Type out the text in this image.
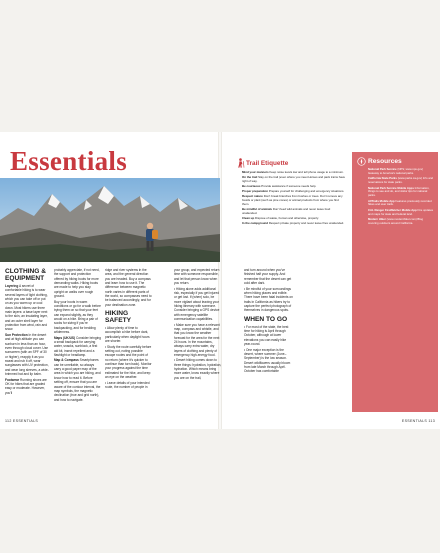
Essentials
CLOTHING & EQUIPMENT

Layering A secret of comfortable hiking is to wear several layers of light clothing, which you can take off or put on as you warm up or cool down. Most hikers use three main layers: a base layer next to the skin, an insulating layer, and an outer shell layer for protection from wind, rain and snow.

Sun Protection In the desert and at high altitude you can sunburn in less than an hour, even through cloud cover. Use sunscreen (with an SPF of 30 or higher), reapply it as you sweat and rub it off, wear sunglasses with UV protection, and wear long sleeves, a wide-brimmed hat and lip balm.

Footwear Running shoes are OK for hikes that are graded easy or moderate. However, you'll

probably appreciate, if not need, the support and protection offered by hiking boots for more demanding walks. Hiking boots are made to help you stay upright on walks over rough ground.

Buy your boots in warm conditions or go for a walk before trying them on so that your feet can expand slightly, as they would on a hike. Bring a pair of socks for sizing if you're backpacking, and for bedding wilderness.

Maps (UK/US) Consider bringing a small backpack for carrying water, snacks, sunblock, a first aid kit, insect repellent and a flashlight or headlamp.

Map & Compass Smartphones can be unreliable, so always carry a good paper map of the area in which you are hiking, and know how to read it. Before setting off, ensure that you are aware of the contour interval, the map symbols, the magnetic declination (true and grid north), and how to navigate.

ridge and river systems in the area, and the general direction you are headed. Buy a compass and learn how to use it. The difference between magnetic north varies in different parts of the world, so compasses need to be balanced accordingly, and for your destination zone.

HIKING SAFETY

• Allow plenty of time to accomplish a hike before dark, particularly when daylight hours are shorter.

• Study the route carefully before setting out, noting possible escape routes and the point of no return (where it's quicker to continue than turn back). Monitor your progress against the time estimated for the hike, and keep an eye on the weather.

• Leave details of your intended route, the number of people in

your group, and expected return time with someone responsible, and let that person know when you return.

• Hiking alone adds additional risk, especially if you get injured or get lost. If (when) solo, be more vigilant about leaving your hiking itinerary with someone. Consider bringing a GPS device with emergency satellite communication capabilities.

• Make sure you have a relevant map, compass and whistle, and that you know the weather forecast for the area for the next 24 hours. In the mountains, always carry extra water, dry layers of clothing and plenty of emergency high-energy food.

• Desert hiking comes down to three things: hydration, hydration, hydration. Which means bring more water, know exactly where you are on the trail,

and turn around when you've finished half your supply. And remember that the desert can get cold after dark.

• Be mindful of your surroundings when hiking places and edible. There have been fatal incidents on trails in California as hikers try to capture the perfect photograph of themselves in dangerous spots.

WHEN TO GO

• For most of the state, the best time for hiking is April through October, although at lower elevations you can easily hike year-round.

• One major exception is the desert, where summer (June–September) is the low season. Desert wildflowers usually bloom from late March through April. October has comfortable

Trail Etiquette
Mind your manners Keep noise levels low and tell phone usage to a minimum.
On the trail Stay on the trail (even where you meet Horses and pack trains have right of way.
Be courteous Provide assistance if someone needs help.
Proper preparation Prepare yourself for challenging and emergency situations.
Respect nature Don't break branches from bushes or trees. Don't remove any fossils or plant (such as pine cones) or animal products from where you find them.
Be mindful of animals Don't feed wild animals and never leave food unattended.
Clean up Dispose of waste, human and otherwise, properly.
In the campground Respect private property and never leave fires unattended.
Resources
National Park Service (NPS; www.nps.gov) Gateway to America's national parks.
California State Parks (www.parks.ca.gov) Info and reservations for state parks.
National Park Service Mobile Apps Information, things to see and do, and visitor tips for national parks.
AllTrails Mobile App Features previously recorded hikes and user trails.
CAL Ranger FireWatcher Mobile App Fire updates and maps for state and federal land.
Modern Hiker (www.modernhiker.com) Blog covering outdoors around California.
112 ESSENTIALS	ESSENTIALS 113
